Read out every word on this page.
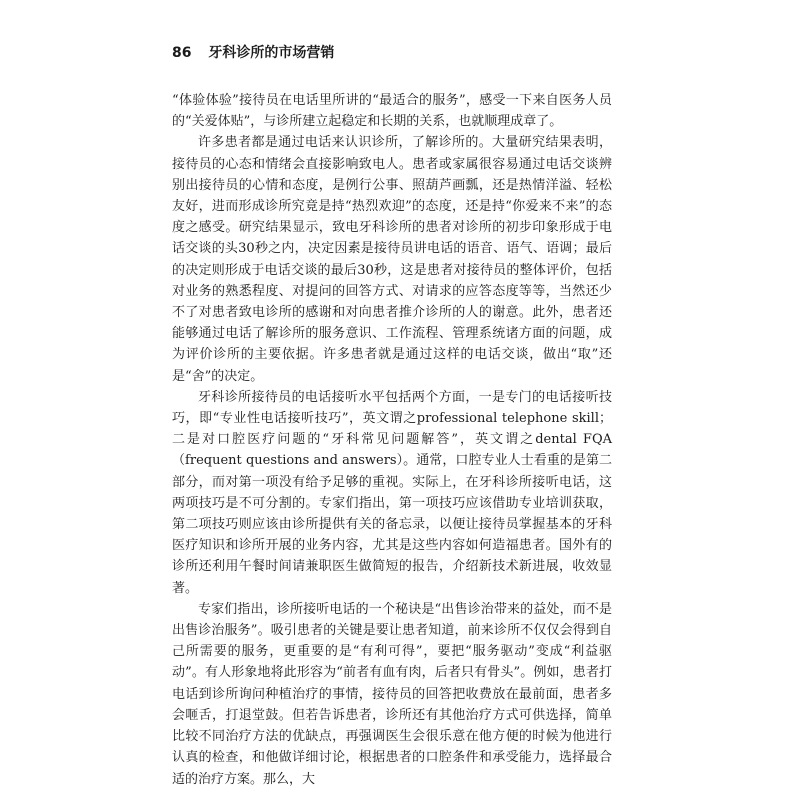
86 牙科诊所的市场营销

“体验体验”接待员在电话里所讲的“最适合的服务”，感受一下来自医务人员的“关爱体贴”，与诊所建立起稳定和长期的关系，也就顺理成章了。

许多患者都是通过电话来认识诊所，了解诊所的。大量研究结果表明，接待员的心态和情绪会直接影响致电人。患者或家属很容易通过电话交谈辨别出接待员的心情和态度，是例行公事、照葫芦画瓢，还是热情洋溢、轻松友好，进而形成诊所究竟是持“热烈欢迎”的态度，还是持“你爱来不来”的态度之感受。研究结果显示，致电牙科诊所的患者对诊所的初步印象形成于电话交谈的头30秒之内，决定因素是接待员讲电话的语音、语气、语调；最后的决定则形成于电话交谈的最后30秒，这是患者对接待员的整体评价，包括对业务的熟悉程度、对提问的回答方式、对请求的应答态度等等，当然还少不了对患者致电诊所的感谢和对向患者推介诊所的人的谢意。此外，患者还能够通过电话了解诊所的服务意识、工作流程、管理系统诸方面的问题，成为评价诊所的主要依据。许多患者就是通过这样的电话交谈，做出“取”还是“舍”的决定。

牙科诊所接待员的电话接听水平包括两个方面，一是专门的电话接听技巧，即“专业性电话接听技巧”，英文谓之professional telephone skill；二是对口腔医疗问题的“牙科常见问题解答”，英文谓之dental FQA（frequent questions and answers）。通常，口腔专业人士看重的是第二部分，而对第一项没有给予足够的重视。实际上，在牙科诊所接听电话，这两项技巧是不可分割的。专家们指出，第一项技巧应该借助专业培训获取，第二项技巧则应该由诊所提供有关的备忘录，以便让接待员掌握基本的牙科医疗知识和诊所开展的业务内容，尤其是这些内容如何造福患者。国外有的诊所还利用午餐时间请兼职医生做简短的报告，介绍新技术新进展，收效显著。

专家们指出，诊所接听电话的一个秘诀是“出售诊治带来的益处，而不是出售诊治服务”。吸引患者的关键是要让患者知道，前来诊所不仅仅会得到自己所需要的服务，更重要的是“有利可得”，要把“服务驱动”变成“利益驱动”。有人形象地将此形容为“前者有血有肉，后者只有骨头”。例如，患者打电话到诊所询问种植治疗的事情，接待员的回答把收费放在最前面，患者多会咂舌，打退堂鼓。但若告诉患者，诊所还有其他治疗方式可供选择，简单比较不同治疗方法的优缺点，再强调医生会很乐意在他方便的时候为他进行认真的检查，和他做详细讨论，根据患者的口腔条件和承受能力，选择最合适的治疗方案。那么，大
